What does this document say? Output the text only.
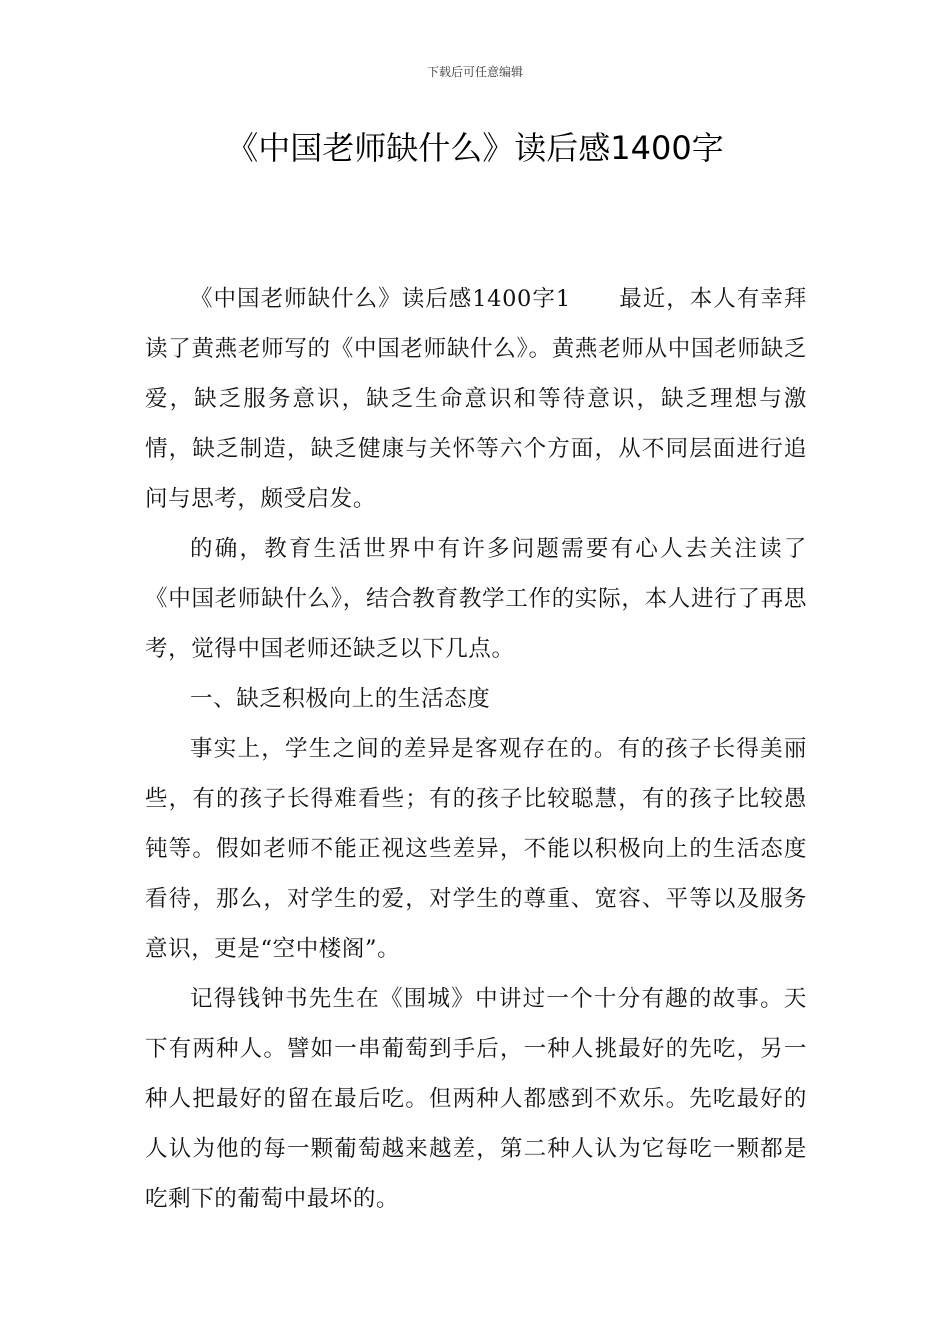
下载后可任意编辑
《中国老师缺什么》读后感1400字

《中国老师缺什么》读后感1400字1 最近，本人有幸拜读了黄燕老师写的《中国老师缺什么》。黄燕老师从中国老师缺乏爱，缺乏服务意识，缺乏生命意识和等待意识，缺乏理想与激情，缺乏制造，缺乏健康与关怀等六个方面，从不同层面进行追问与思考，颇受启发。

的确，教育生活世界中有许多问题需要有心人去关注读了《中国老师缺什么》，结合教育教学工作的实际，本人进行了再思考，觉得中国老师还缺乏以下几点。

一、缺乏积极向上的生活态度

事实上，学生之间的差异是客观存在的。有的孩子长得美丽些，有的孩子长得难看些；有的孩子比较聪慧，有的孩子比较愚钝等。假如老师不能正视这些差异，不能以积极向上的生活态度看待，那么，对学生的爱，对学生的尊重、宽容、平等以及服务意识，更是“空中楼阁”。

记得钱钟书先生在《围城》中讲过一个十分有趣的故事。天下有两种人。譬如一串葡萄到手后，一种人挑最好的先吃，另一种人把最好的留在最后吃。但两种人都感到不欢乐。先吃最好的人认为他的每一颗葡萄越来越差，第二种人认为它每吃一颗都是吃剩下的葡萄中最坏的。
